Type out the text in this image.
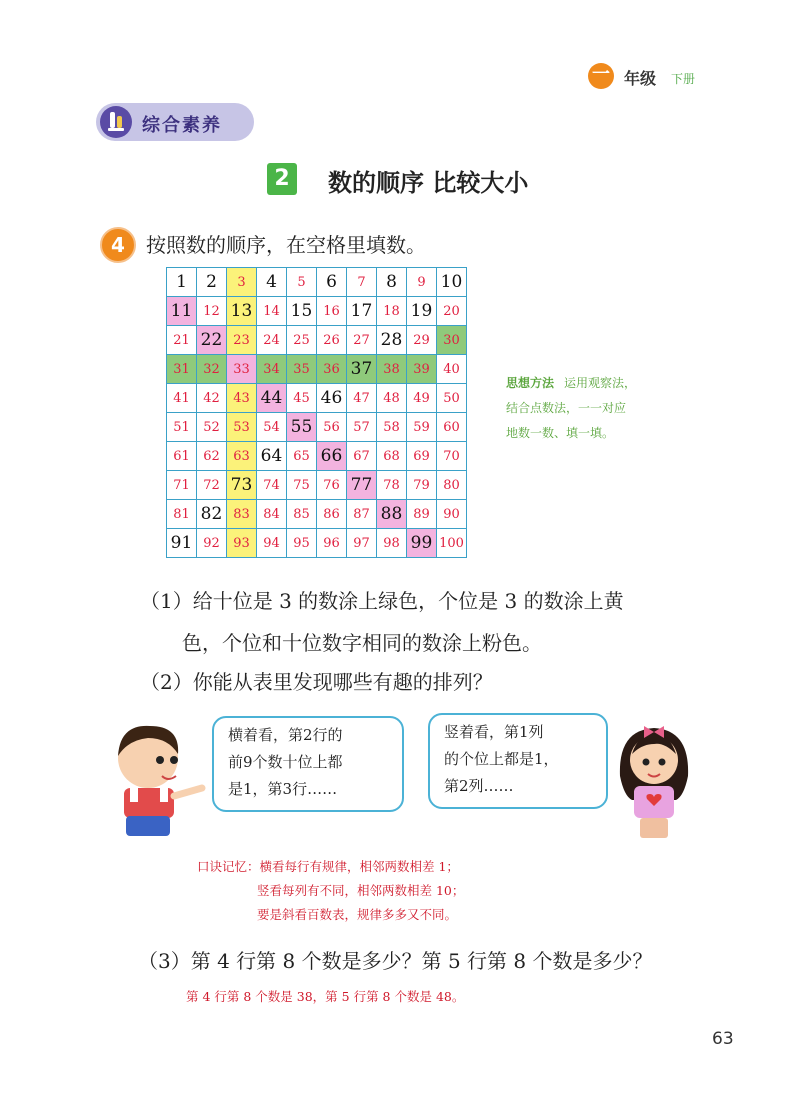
一 年级 下册
综合素养
2	数的顺序 比较大小
4	按照数的顺序，在空格里填数。
1	2	3	4	5	6	7	8	9	10
11	12	13	14	15	16	17	18	19	20
21	22	23	24	25	26	27	28	29	30
31	32	33	34	35	36	37	38	39	40
41	42	43	44	45	46	47	48	49	50
51	52	53	54	55	56	57	58	59	60
61	62	63	64	65	66	67	68	69	70
71	72	73	74	75	76	77	78	79	80
81	82	83	84	85	86	87	88	89	90
91	92	93	94	95	96	97	98	99	100
思想方法 运用观察法，
结合点数法，一一对应
地数一数、填一填。
（1）给十位是 3 的数涂上绿色，个位是 3 的数涂上黄
色，个位和十位数字相同的数涂上粉色。
（2）你能从表里发现哪些有趣的排列？
横着看，第2行的
前9个数十位上都
是1，第3行……
竖着看，第1列
的个位上都是1，
第2列……
口诀记忆：横看每行有规律，相邻两数相差 1；
竖看每列有不同，相邻两数相差 10；
要是斜看百数表，规律多多又不同。
（3）第 4 行第 8 个数是多少？第 5 行第 8 个数是多少？
第 4 行第 8 个数是 38，第 5 行第 8 个数是 48。
63
